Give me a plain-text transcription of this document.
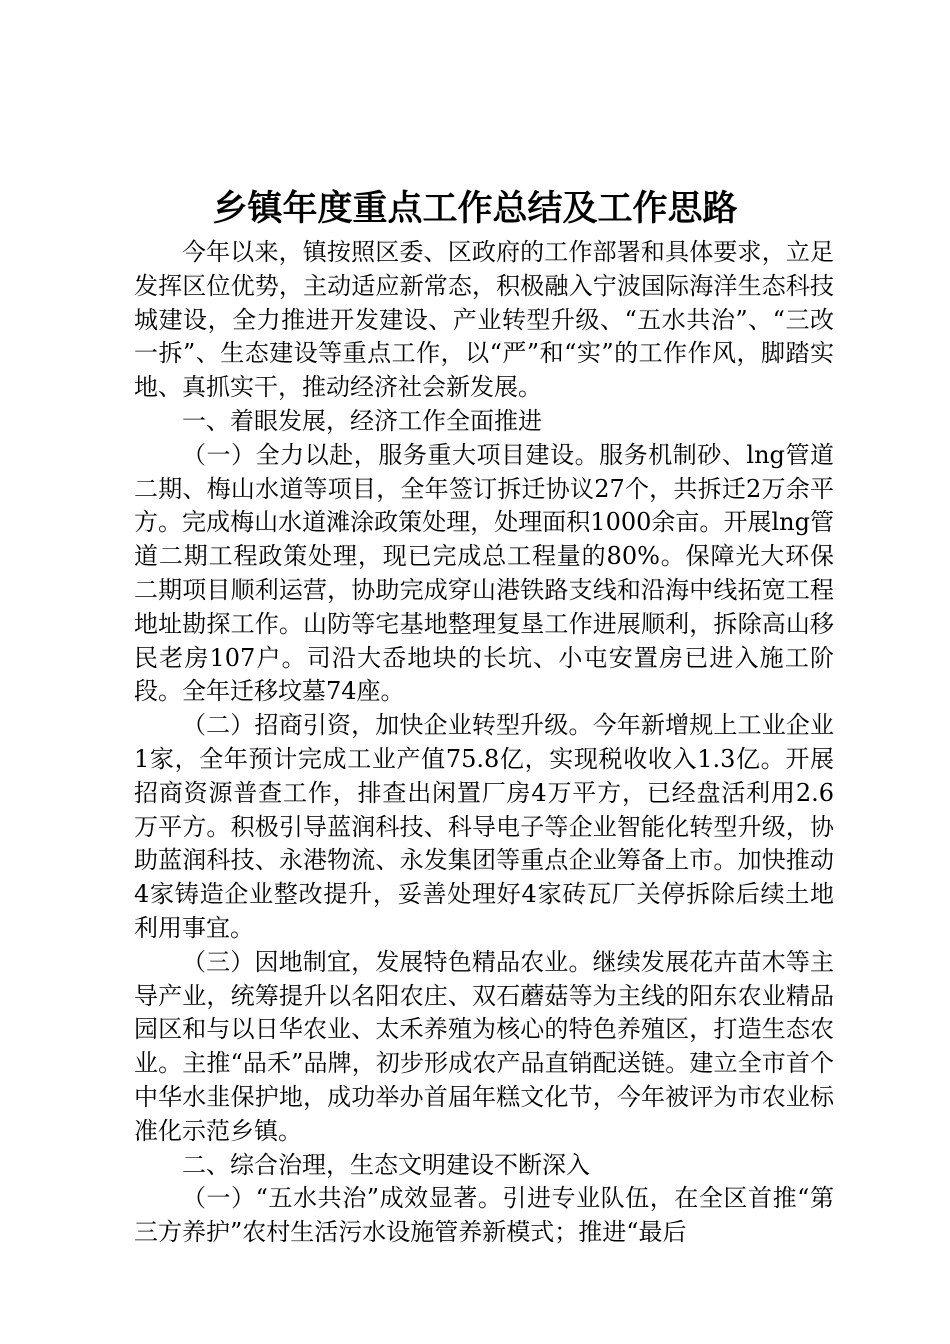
乡镇年度重点工作总结及工作思路

今年以来，镇按照区委、区政府的工作部署和具体要求，立足发挥区位优势，主动适应新常态，积极融入宁波国际海洋生态科技城建设，全力推进开发建设、产业转型升级、“五水共治”、“三改一拆”、生态建设等重点工作，以“严”和“实”的工作作风，脚踏实地、真抓实干，推动经济社会新发展。

一、着眼发展，经济工作全面推进

（一）全力以赴，服务重大项目建设。服务机制砂、lng管道二期、梅山水道等项目，全年签订拆迁协议27个，共拆迁2万余平方。完成梅山水道滩涂政策处理，处理面积1000余亩。开展lng管道二期工程政策处理，现已完成总工程量的80%。保障光大环保二期项目顺利运营，协助完成穿山港铁路支线和沿海中线拓宽工程地址勘探工作。山防等宅基地整理复垦工作进展顺利，拆除高山移民老房107户。司沿大岙地块的长坑、小屯安置房已进入施工阶段。全年迁移坟墓74座。

（二）招商引资，加快企业转型升级。今年新增规上工业企业1家，全年预计完成工业产值75.8亿，实现税收收入1.3亿。开展招商资源普查工作，排查出闲置厂房4万平方，已经盘活利用2.6万平方。积极引导蓝润科技、科导电子等企业智能化转型升级，协助蓝润科技、永港物流、永发集团等重点企业筹备上市。加快推动4家铸造企业整改提升，妥善处理好4家砖瓦厂关停拆除后续土地利用事宜。

（三）因地制宜，发展特色精品农业。继续发展花卉苗木等主导产业，统筹提升以名阳农庄、双石蘑菇等为主线的阳东农业精品园区和与以日华农业、太禾养殖为核心的特色养殖区，打造生态农业。主推“品禾”品牌，初步形成农产品直销配送链。建立全市首个中华水韭保护地，成功举办首届年糕文化节，今年被评为市农业标准化示范乡镇。

二、综合治理，生态文明建设不断深入

（一）“五水共治”成效显著。引进专业队伍，在全区首推“第三方养护”农村生活污水设施管养新模式；推进“最后
